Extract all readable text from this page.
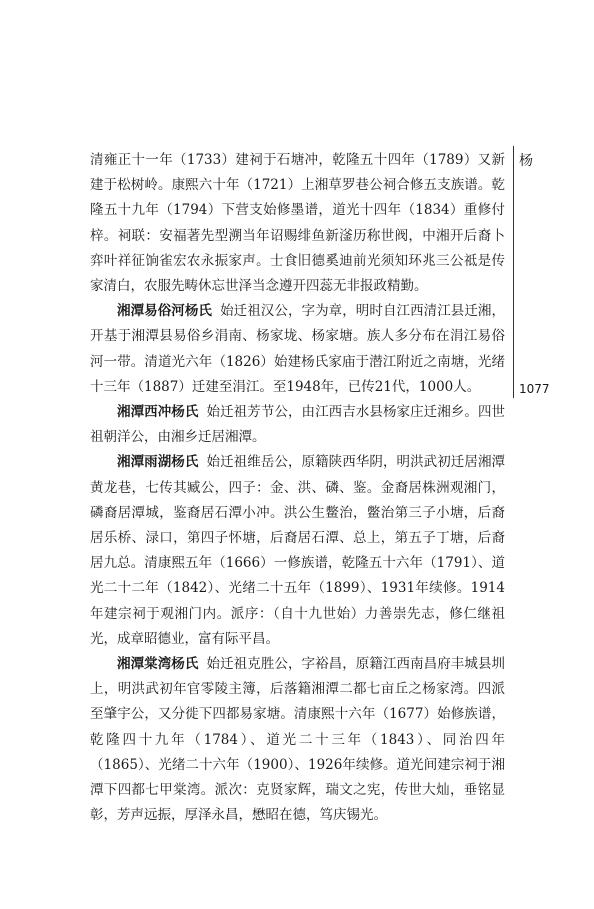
清雍正十一年（1733）建祠于石塘冲，乾隆五十四年（1789）又新建于松树岭。康熙六十年（1721）上湘草罗巷公祠合修五支族谱。乾隆五十九年（1794）下营支始修墨谱，道光十四年（1834）重修付梓。祠联：安福著先型溯当年诏赐绯鱼新滏历称世阀，中湘开后裔卜弈叶祥征饷雀宏农永振家声。士食旧德奚迪前光须知环兆三公祗是传家清白，农服先畴休忘世泽当念遵开四蕊无非报政精勤。

湘潭易俗河杨氏 始迁祖汉公，字为章，明时自江西清江县迁湘，开基于湘潭县易俗乡涓南、杨家垅、杨家塘。族人多分布在涓江易俗河一带。清道光六年（1826）始建杨氏家庙于潜江附近之南塘，光绪十三年（1887）迁建至涓江。至1948年，已传21代，1000人。

湘潭西冲杨氏 始迁祖芳节公，由江西吉水县杨家庄迁湘乡。四世祖朝洋公，由湘乡迁居湘潭。

湘潭雨湖杨氏 始迁祖维岳公，原籍陕西华阴，明洪武初迁居湘潭黄龙巷，七传其臧公，四子：金、洪、磷、鉴。金裔居株洲观湘门，磷裔居潭城，鉴裔居石潭小冲。洪公生鳖治，鳖治第三子小塘，后裔居乐桥、渌口，第四子怀塘，后裔居石潭、总上，第五子丁塘，后裔居九总。清康熙五年（1666）一修族谱，乾隆五十六年（1791）、道光二十二年（1842）、光绪二十五年（1899）、1931年续修。1914年建宗祠于观湘门内。派序：（自十九世始）力善崇先志，修仁继祖光，成章昭德业，富有际平昌。

湘潭棠湾杨氏 始迁祖克胜公，字裕昌，原籍江西南昌府丰城县圳上，明洪武初年官零陵主簿，后落籍湘潭二都七亩丘之杨家湾。四派至肇宇公，又分徙下四都易家塘。清康熙十六年（1677）始修族谱，乾隆四十九年（1784）、道光二十三年（1843）、同治四年（1865）、光绪二十六年（1900）、1926年续修。道光间建宗祠于湘潭下四都七甲棠湾。派次：克贤家辉，瑞文之宪，传世大灿，垂铭显彰，芳声远振，厚泽永昌，懋昭在德，笃庆锡光。

杨
1077
